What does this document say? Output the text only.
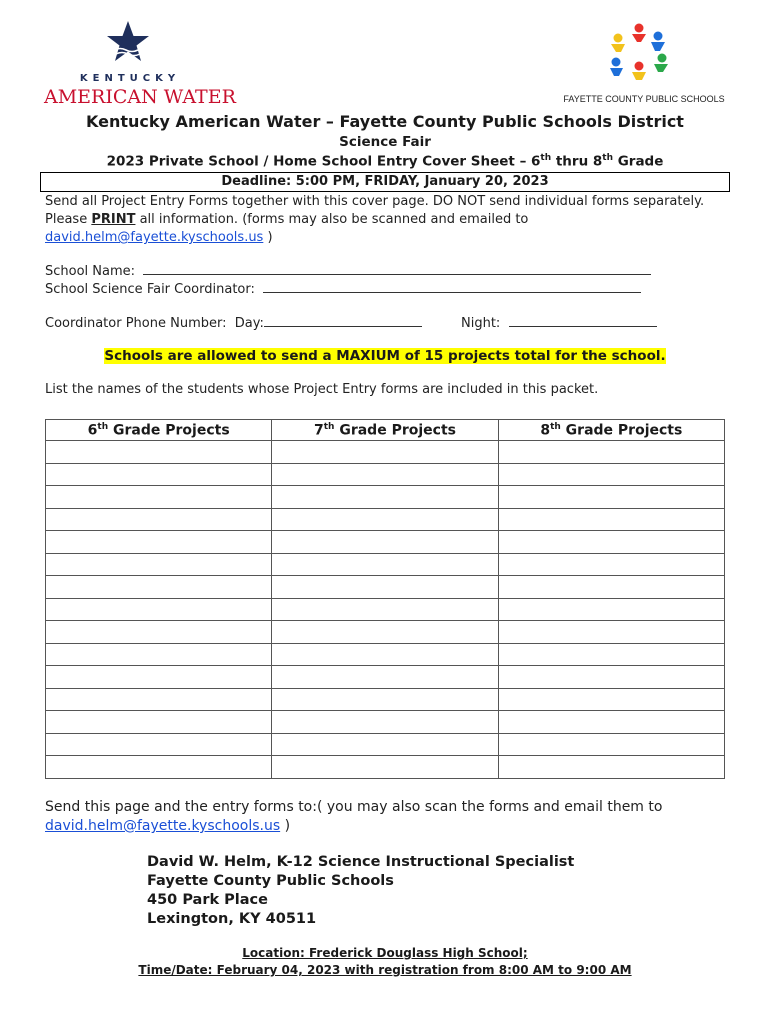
KENTUCKY
AMERICAN WATER	FAYETTE COUNTY PUBLIC SCHOOLS
Kentucky American Water – Fayette County Public Schools District
Science Fair
2023 Private School / Home School Entry Cover Sheet – 6th thru 8th Grade
Deadline: 5:00 PM, FRIDAY, January 20, 2023
Send all Project Entry Forms together with this cover page. DO NOT send individual forms separately. Please PRINT all information. (forms may also be scanned and emailed to
david.helm@fayette.kyschools.us )
School Name:
School Science Fair Coordinator:
Coordinator Phone Number:  Day:	Night:
Schools are allowed to send a MAXIUM of 15 projects total for the school.
List the names of the students whose Project Entry forms are included in this packet.
6th Grade Projects	7th Grade Projects	8th Grade Projects

Send this page and the entry forms to:( you may also scan the forms and email them to
david.helm@fayette.kyschools.us )
David W. Helm, K-12 Science Instructional Specialist
Fayette County Public Schools
450 Park Place
Lexington, KY 40511
Location: Frederick Douglass High School;
Time/Date: February 04, 2023 with registration from 8:00 AM to 9:00 AM
